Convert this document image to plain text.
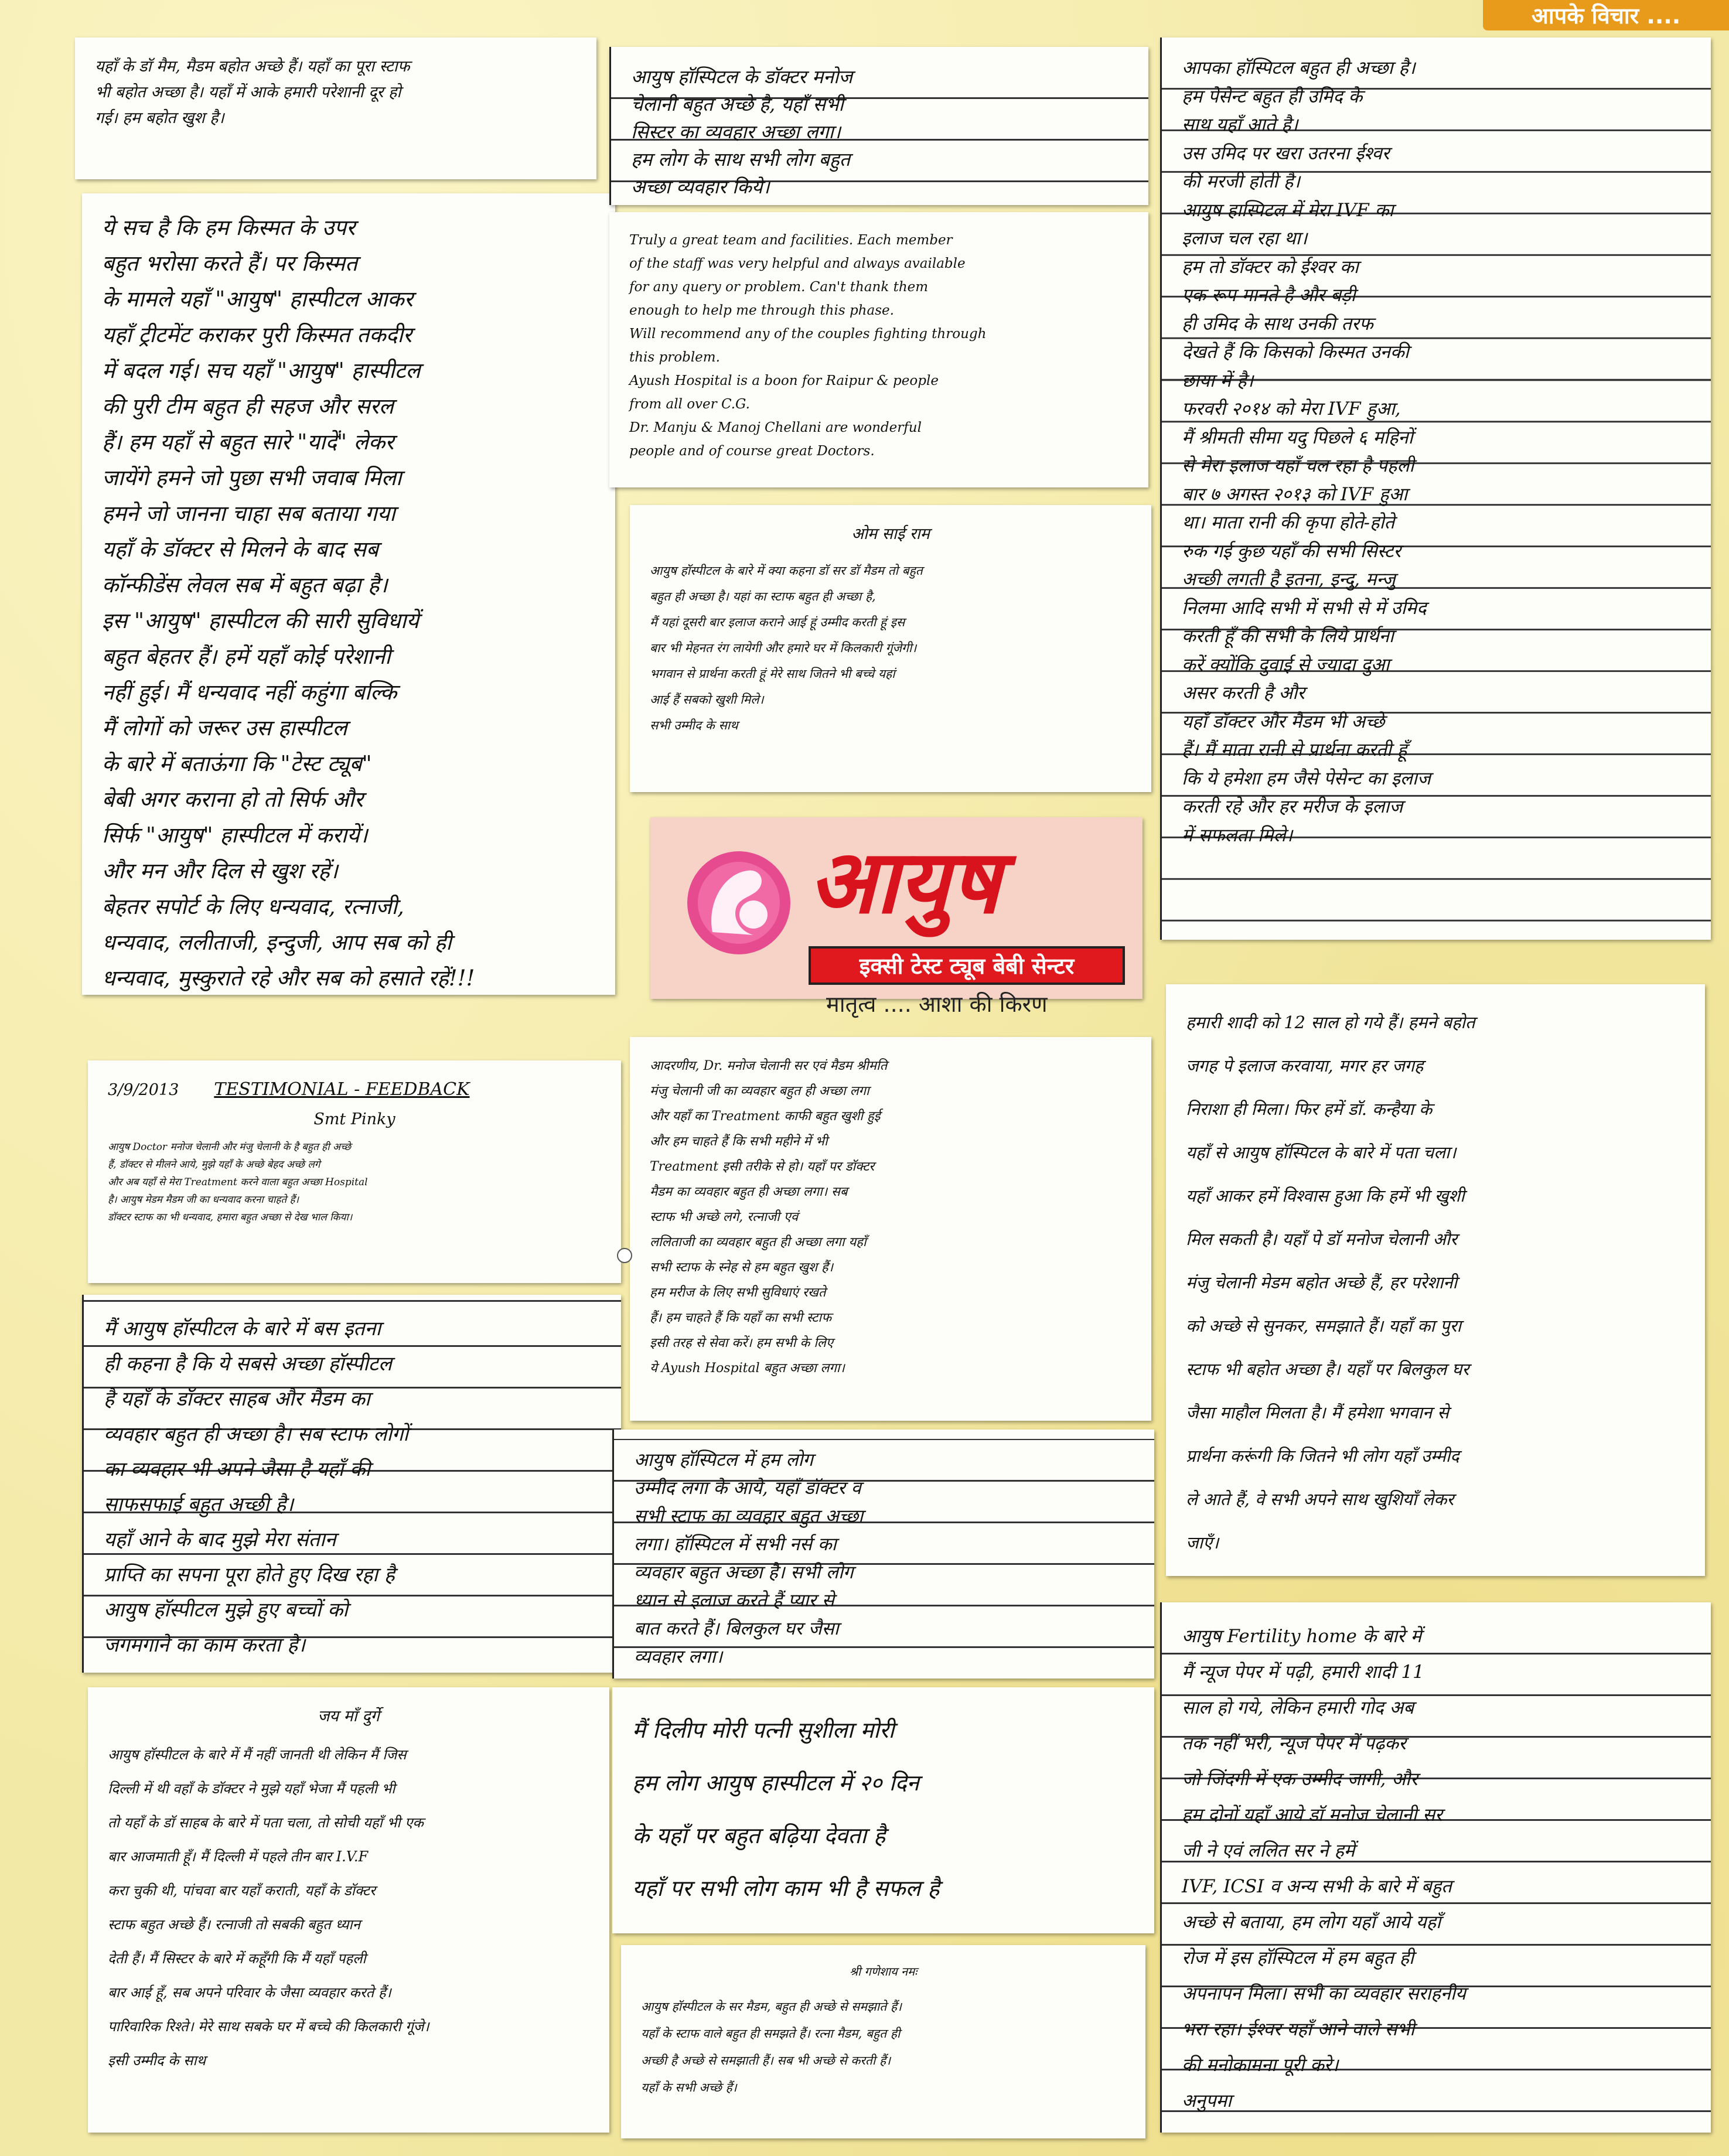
आपके विचार ....

यहाँ के डॉ मैम, मैडम बहोत अच्छे हैं। यहाँ का पूरा स्टाफ
भी बहोत अच्छा है। यहाँ में आके हमारी परेशानी दूर हो
गई। हम बहोत खुश है।

ये सच है कि हम किस्मत के उपर
बहुत भरोसा करते हैं। पर किस्मत
के मामले यहाँ "आयुष" हास्पीटल आकर
यहाँ ट्रीटमेंट कराकर पुरी किस्मत तकदीर
में बदल गई। सच यहाँ "आयुष" हास्पीटल
की पुरी टीम बहुत ही सहज और सरल
हैं। हम यहाँ से बहुत सारे "यादें" लेकर
जायेंगे हमने जो पुछा सभी जवाब मिला
हमने जो जानना चाहा सब बताया गया
यहाँ के डॉक्टर से मिलने के बाद सब
कॉन्फीडेंस लेवल सब में बहुत बढ़ा है।
इस "आयुष" हास्पीटल की सारी सुविधायें
बहुत बेहतर हैं। हमें यहाँ कोई परेशानी
नहीं हुई। मैं धन्यवाद नहीं कहुंगा बल्कि
मैं लोगों को जरूर उस हास्पीटल
के बारे में बताऊंगा कि "टेस्ट ट्यूब"
बेबी अगर कराना हो तो सिर्फ और
सिर्फ "आयुष" हास्पीटल में करायें।
और मन और दिल से खुश रहें।
बेहतर सपोर्ट के लिए धन्यवाद, रत्नाजी,
धन्यवाद, ललीताजी, इन्दुजी, आप सब को ही
धन्यवाद, मुस्कुराते रहे और सब को हसाते रहें!!!

3/9/2013 TESTIMONIAL - FEEDBACK

Smt Pinky

आयुष Doctor मनोज चेलानी और मंजु चेलानी के है बहुत ही अच्छे
हैं, डॉक्टर से मीलने आये, मुझे यहाँ के अच्छे बेहद अच्छे लगे
और अब यहाँ से मेरा Treatment करने वाला बहुत अच्छा Hospital
है। आयुष मेडम मैडम जी का धन्यवाद करना चाहते हैं।
डॉक्टर स्टाफ का भी धन्यवाद, हमारा बहुत अच्छा से देख भाल किया।

मैं आयुष हॉस्पीटल के बारे में बस इतना
ही कहना है कि ये सबसे अच्छा हॉस्पीटल
है यहाँ के डॉक्टर साहब और मैडम का
व्यवहार बहुत ही अच्छा है। सब स्टाफ लोगों
का व्यवहार भी अपने जैसा है यहाँ की
साफसफाई बहुत अच्छी है।
यहाँ आने के बाद मुझे मेरा संतान
प्राप्ति का सपना पूरा होते हुए दिख रहा है
आयुष हॉस्पीटल मुझे हुए बच्चों को
जगमगाने का काम करता है।

जय माँ दुर्गे

आयुष हॉस्पीटल के बारे में मैं नहीं जानती थी लेकिन मैं जिस
दिल्ली में थी वहाँ के डॉक्टर ने मुझे यहाँ भेजा मैं पहली भी
तो यहाँ के डॉ साहब के बारे में पता चला, तो सोची यहाँ भी एक
बार आजमाती हूँ। मैं दिल्ली में पहले तीन बार I.V.F
करा चुकी थी, पांचवा बार यहाँ कराती, यहाँ के डॉक्टर
स्टाफ बहुत अच्छे हैं। रत्नाजी तो सबकी बहुत ध्यान
देती हैं। मैं सिस्टर के बारे में कहूँगी कि मैं यहाँ पहली
बार आई हूँ, सब अपने परिवार के जैसा व्यवहार करते हैं।
पारिवारिक रिश्ते। मेरे साथ सबके घर में बच्चे की किलकारी गूंजे।
इसी उम्मीद के साथ

आयुष हॉस्पिटल के डॉक्टर मनोज
चेलानी बहुत अच्छे है, यहाँ सभी
सिस्टर का व्यवहार अच्छा लगा।
हम लोग के साथ सभी लोग बहुत
अच्छा व्यवहार किये।

Truly a great team and facilities. Each member
of the staff was very helpful and always available
for any query or problem. Can't thank them
enough to help me through this phase.
Will recommend any of the couples fighting through
this problem.
Ayush Hospital is a boon for Raipur & people
from all over C.G.
Dr. Manju & Manoj Chellani are wonderful
people and of course great Doctors.

ओम साई राम

आयुष हॉस्पीटल के बारे में क्या कहना डॉ सर डॉ मैडम तो बहुत
बहुत ही अच्छा है। यहां का स्टाफ बहुत ही अच्छा है,
मैं यहां दूसरी बार इलाज कराने आई हूं उम्मीद करती हूं इस
बार भी मेहनत रंग लायेगी और हमारे घर में किलकारी गूंजेगी।
भगवान से प्रार्थना करती हूं मेरे साथ जितने भी बच्चे यहां
आई हैं सबको खुशी मिले।
सभी उम्मीद के साथ

आयुष
इक्सी टेस्ट ट्यूब बेबी सेन्टर
मातृत्व .... आशा की किरण

आदरणीय, Dr. मनोज चेलानी सर एवं मैडम श्रीमति
मंजु चेलानी जी का व्यवहार बहुत ही अच्छा लगा
और यहाँ का Treatment काफी बहुत खुशी हुई
और हम चाहते हैं कि सभी महीने में भी
Treatment इसी तरीके से हो। यहाँ पर डॉक्टर
मैडम का व्यवहार बहुत ही अच्छा लगा। सब
स्टाफ भी अच्छे लगे, रत्नाजी एवं
ललिताजी का व्यवहार बहुत ही अच्छा लगा यहाँ
सभी स्टाफ के स्नेह से हम बहुत खुश हैं।
हम मरीज के लिए सभी सुविधाएं रखते
हैं। हम चाहते हैं कि यहाँ का सभी स्टाफ
इसी तरह से सेवा करें। हम सभी के लिए
ये Ayush Hospital बहुत अच्छा लगा।

आयुष हॉस्पिटल में हम लोग
उम्मीद लगा के आये, यहाँ डॉक्टर व
सभी स्टाफ का व्यवहार बहुत अच्छा
लगा। हॉस्पिटल में सभी नर्स का
व्यवहार बहुत अच्छा है। सभी लोग
ध्यान से इलाज करते हैं प्यार से
बात करते हैं। बिलकुल घर जैसा
व्यवहार लगा।

मैं दिलीप मोरी पत्नी सुशीला मोरी
हम लोग आयुष हास्पीटल में २० दिन
के यहाँ पर बहुत बढ़िया देवता है
यहाँ पर सभी लोग काम भी है सफल है

श्री गणेशाय नमः

आयुष हॉस्पीटल के सर मैडम, बहुत ही अच्छे से समझाते हैं।
यहाँ के स्टाफ वाले बहुत ही समझते हैं। रत्ना मैडम, बहुत ही
अच्छी है अच्छे से समझाती हैं। सब भी अच्छे से करती हैं।
यहाँ के सभी अच्छे हैं।

आपका हॉस्पिटल बहुत ही अच्छा है।
हम पेसेन्ट बहुत ही उमिद के
साथ यहाँ आते है।
उस उमिद पर खरा उतरना ईश्वर
की मरजी होती है।
आयुष हास्पिटल में मेरा IVF का
इलाज चल रहा था।
हम तो डॉक्टर को ईश्वर का
एक रूप मानते है और बड़ी
ही उमिद के साथ उनकी तरफ
देखते हैं कि किसको किस्मत उनकी
छाया में है।
फरवरी २०१४ को मेरा IVF हुआ,
मैं श्रीमती सीमा यदु पिछले ६ महिनों
से मेरा इलाज यहाँ चल रहा है पहली
बार ७ अगस्त २०१३ को IVF हुआ
था। माता रानी की कृपा होते-होते
रुक गई कुछ यहाँ की सभी सिस्टर
अच्छी लगती है इतना, इन्दु, मन्जु
निलमा आदि सभी में सभी से में उमिद
करती हूँ की सभी के लिये प्रार्थना
करें क्योंकि दुवाई से ज्यादा दुआ
असर करती है और
यहाँ डॉक्टर और मैडम भी अच्छे
हैं। मैं माता रानी से प्रार्थना करती हूँ
कि ये हमेशा हम जैसे पेसेन्ट का इलाज
करती रहे और हर मरीज के इलाज
में सफलता मिले।

हमारी शादी को 12 साल हो गये हैं। हमने बहोत
जगह पे इलाज करवाया, मगर हर जगह
निराशा ही मिला। फिर हमें डॉ. कन्हैया के
यहाँ से आयुष हॉस्पिटल के बारे में पता चला।
यहाँ आकर हमें विश्वास हुआ कि हमें भी खुशी
मिल सकती है। यहाँ पे डॉ मनोज चेलानी और
मंजु चेलानी मेडम बहोत अच्छे हैं, हर परेशानी
को अच्छे से सुनकर, समझाते हैं। यहाँ का पुरा
स्टाफ भी बहोत अच्छा है। यहाँ पर बिलकुल घर
जैसा माहौल मिलता है। मैं हमेशा भगवान से
प्रार्थना करूंगी कि जितने भी लोग यहाँ उम्मीद
ले आते हैं, वे सभी अपने साथ खुशियाँ लेकर
जाएँ।

आयुष Fertility home के बारे में
मैं न्यूज पेपर में पढ़ी, हमारी शादी 11
साल हो गये, लेकिन हमारी गोद अब
तक नहीं भरी, न्यूज पेपर में पढ़कर
जो जिंदगी में एक उम्मीद जागी, और
हम दोनों यहाँ आये डॉ मनोज चेलानी सर
जी ने एवं ललित सर ने हमें
IVF, ICSI व अन्य सभी के बारे में बहुत
अच्छे से बताया, हम लोग यहाँ आये यहाँ
रोज में इस हॉस्पिटल में हम बहुत ही
अपनापन मिला। सभी का व्यवहार सराहनीय
भरा रहा। ईश्वर यहाँ आने वाले सभी
की मनोकामना पूरी करे।
अनुपमा
